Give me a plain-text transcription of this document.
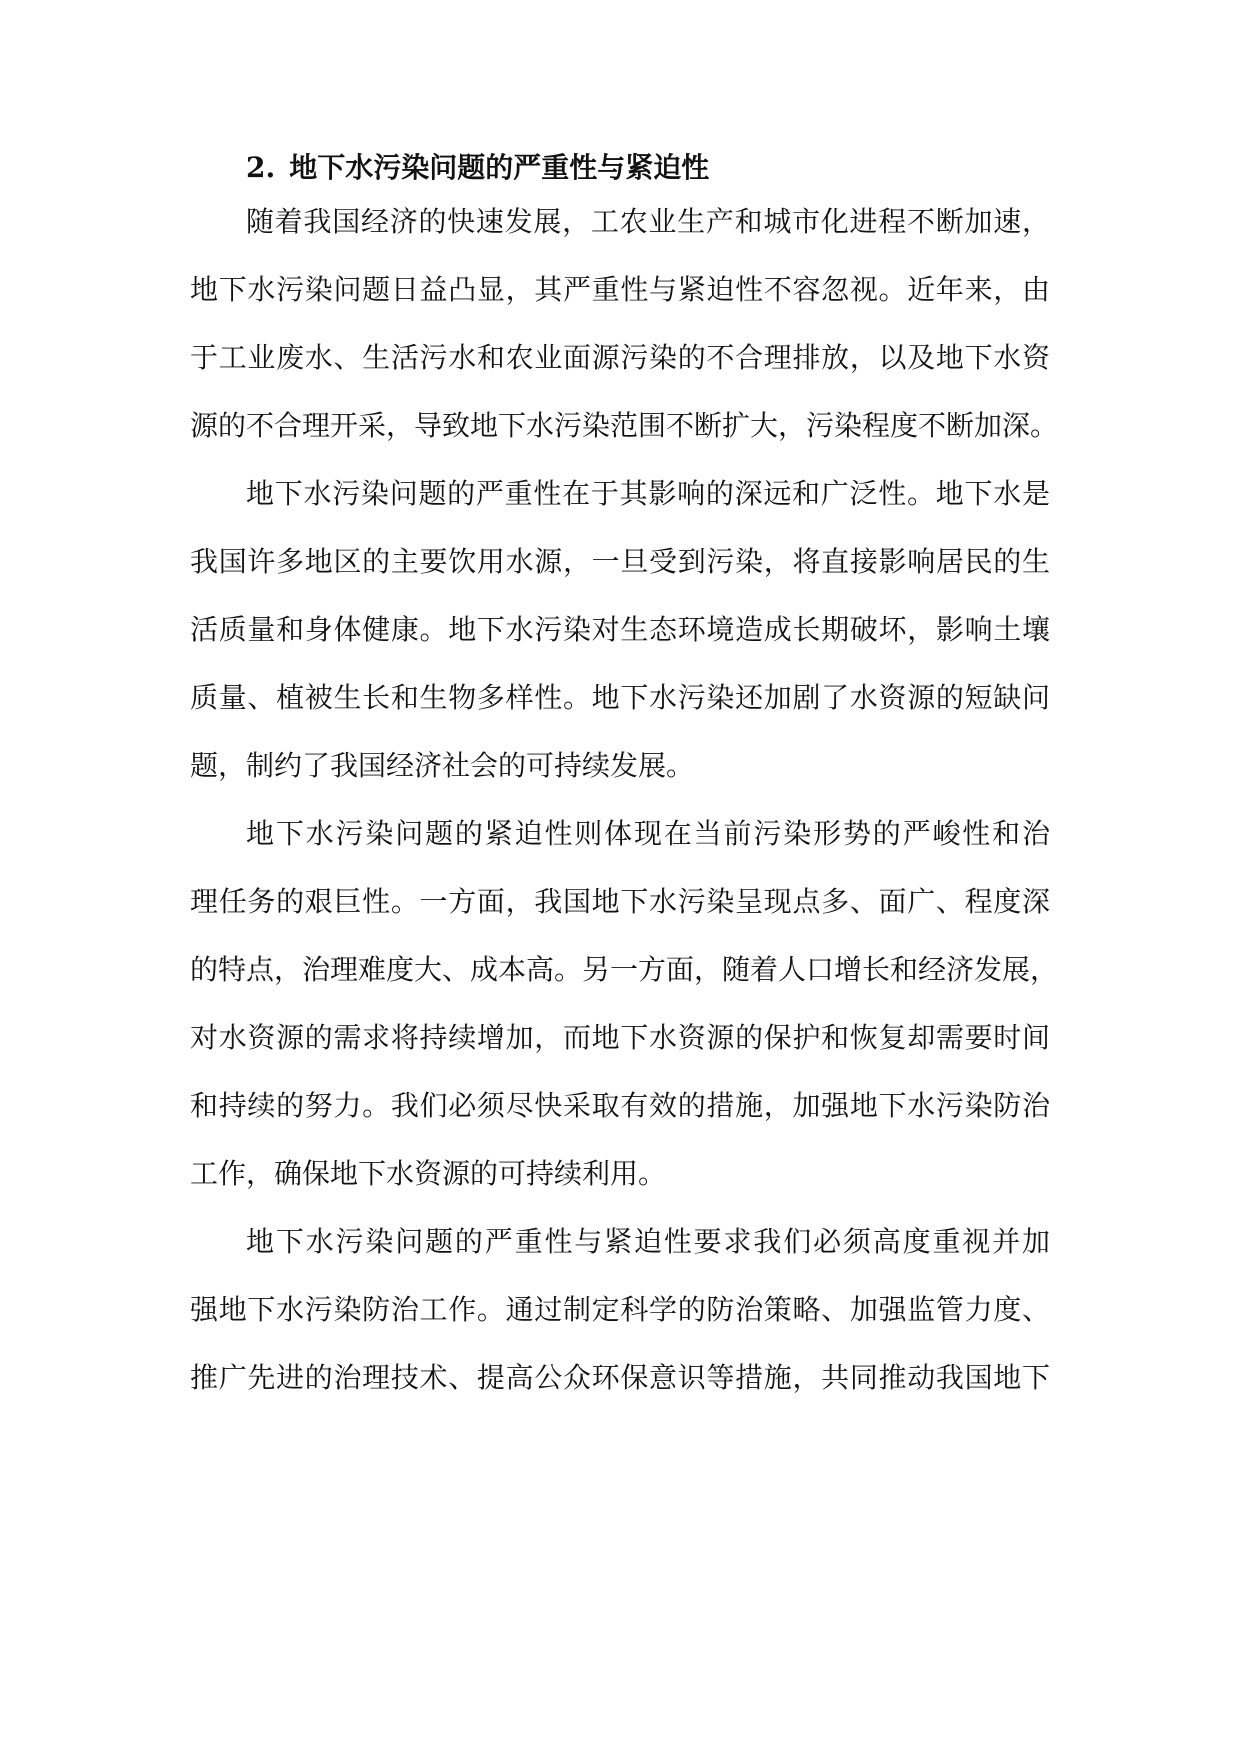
2. 地下水污染问题的严重性与紧迫性

随着我国经济的快速发展，工农业生产和城市化进程不断加速，

地下水污染问题日益凸显，其严重性与紧迫性不容忽视。近年来，由

于工业废水、生活污水和农业面源污染的不合理排放，以及地下水资

源的不合理开采，导致地下水污染范围不断扩大，污染程度不断加深。

地下水污染问题的严重性在于其影响的深远和广泛性。地下水是

我国许多地区的主要饮用水源，一旦受到污染，将直接影响居民的生

活质量和身体健康。地下水污染对生态环境造成长期破坏，影响土壤

质量、植被生长和生物多样性。地下水污染还加剧了水资源的短缺问

题，制约了我国经济社会的可持续发展。

地下水污染问题的紧迫性则体现在当前污染形势的严峻性和治

理任务的艰巨性。一方面，我国地下水污染呈现点多、面广、程度深

的特点，治理难度大、成本高。另一方面，随着人口增长和经济发展，

对水资源的需求将持续增加，而地下水资源的保护和恢复却需要时间

和持续的努力。我们必须尽快采取有效的措施，加强地下水污染防治

工作，确保地下水资源的可持续利用。

地下水污染问题的严重性与紧迫性要求我们必须高度重视并加

强地下水污染防治工作。通过制定科学的防治策略、加强监管力度、

推广先进的治理技术、提高公众环保意识等措施，共同推动我国地下
